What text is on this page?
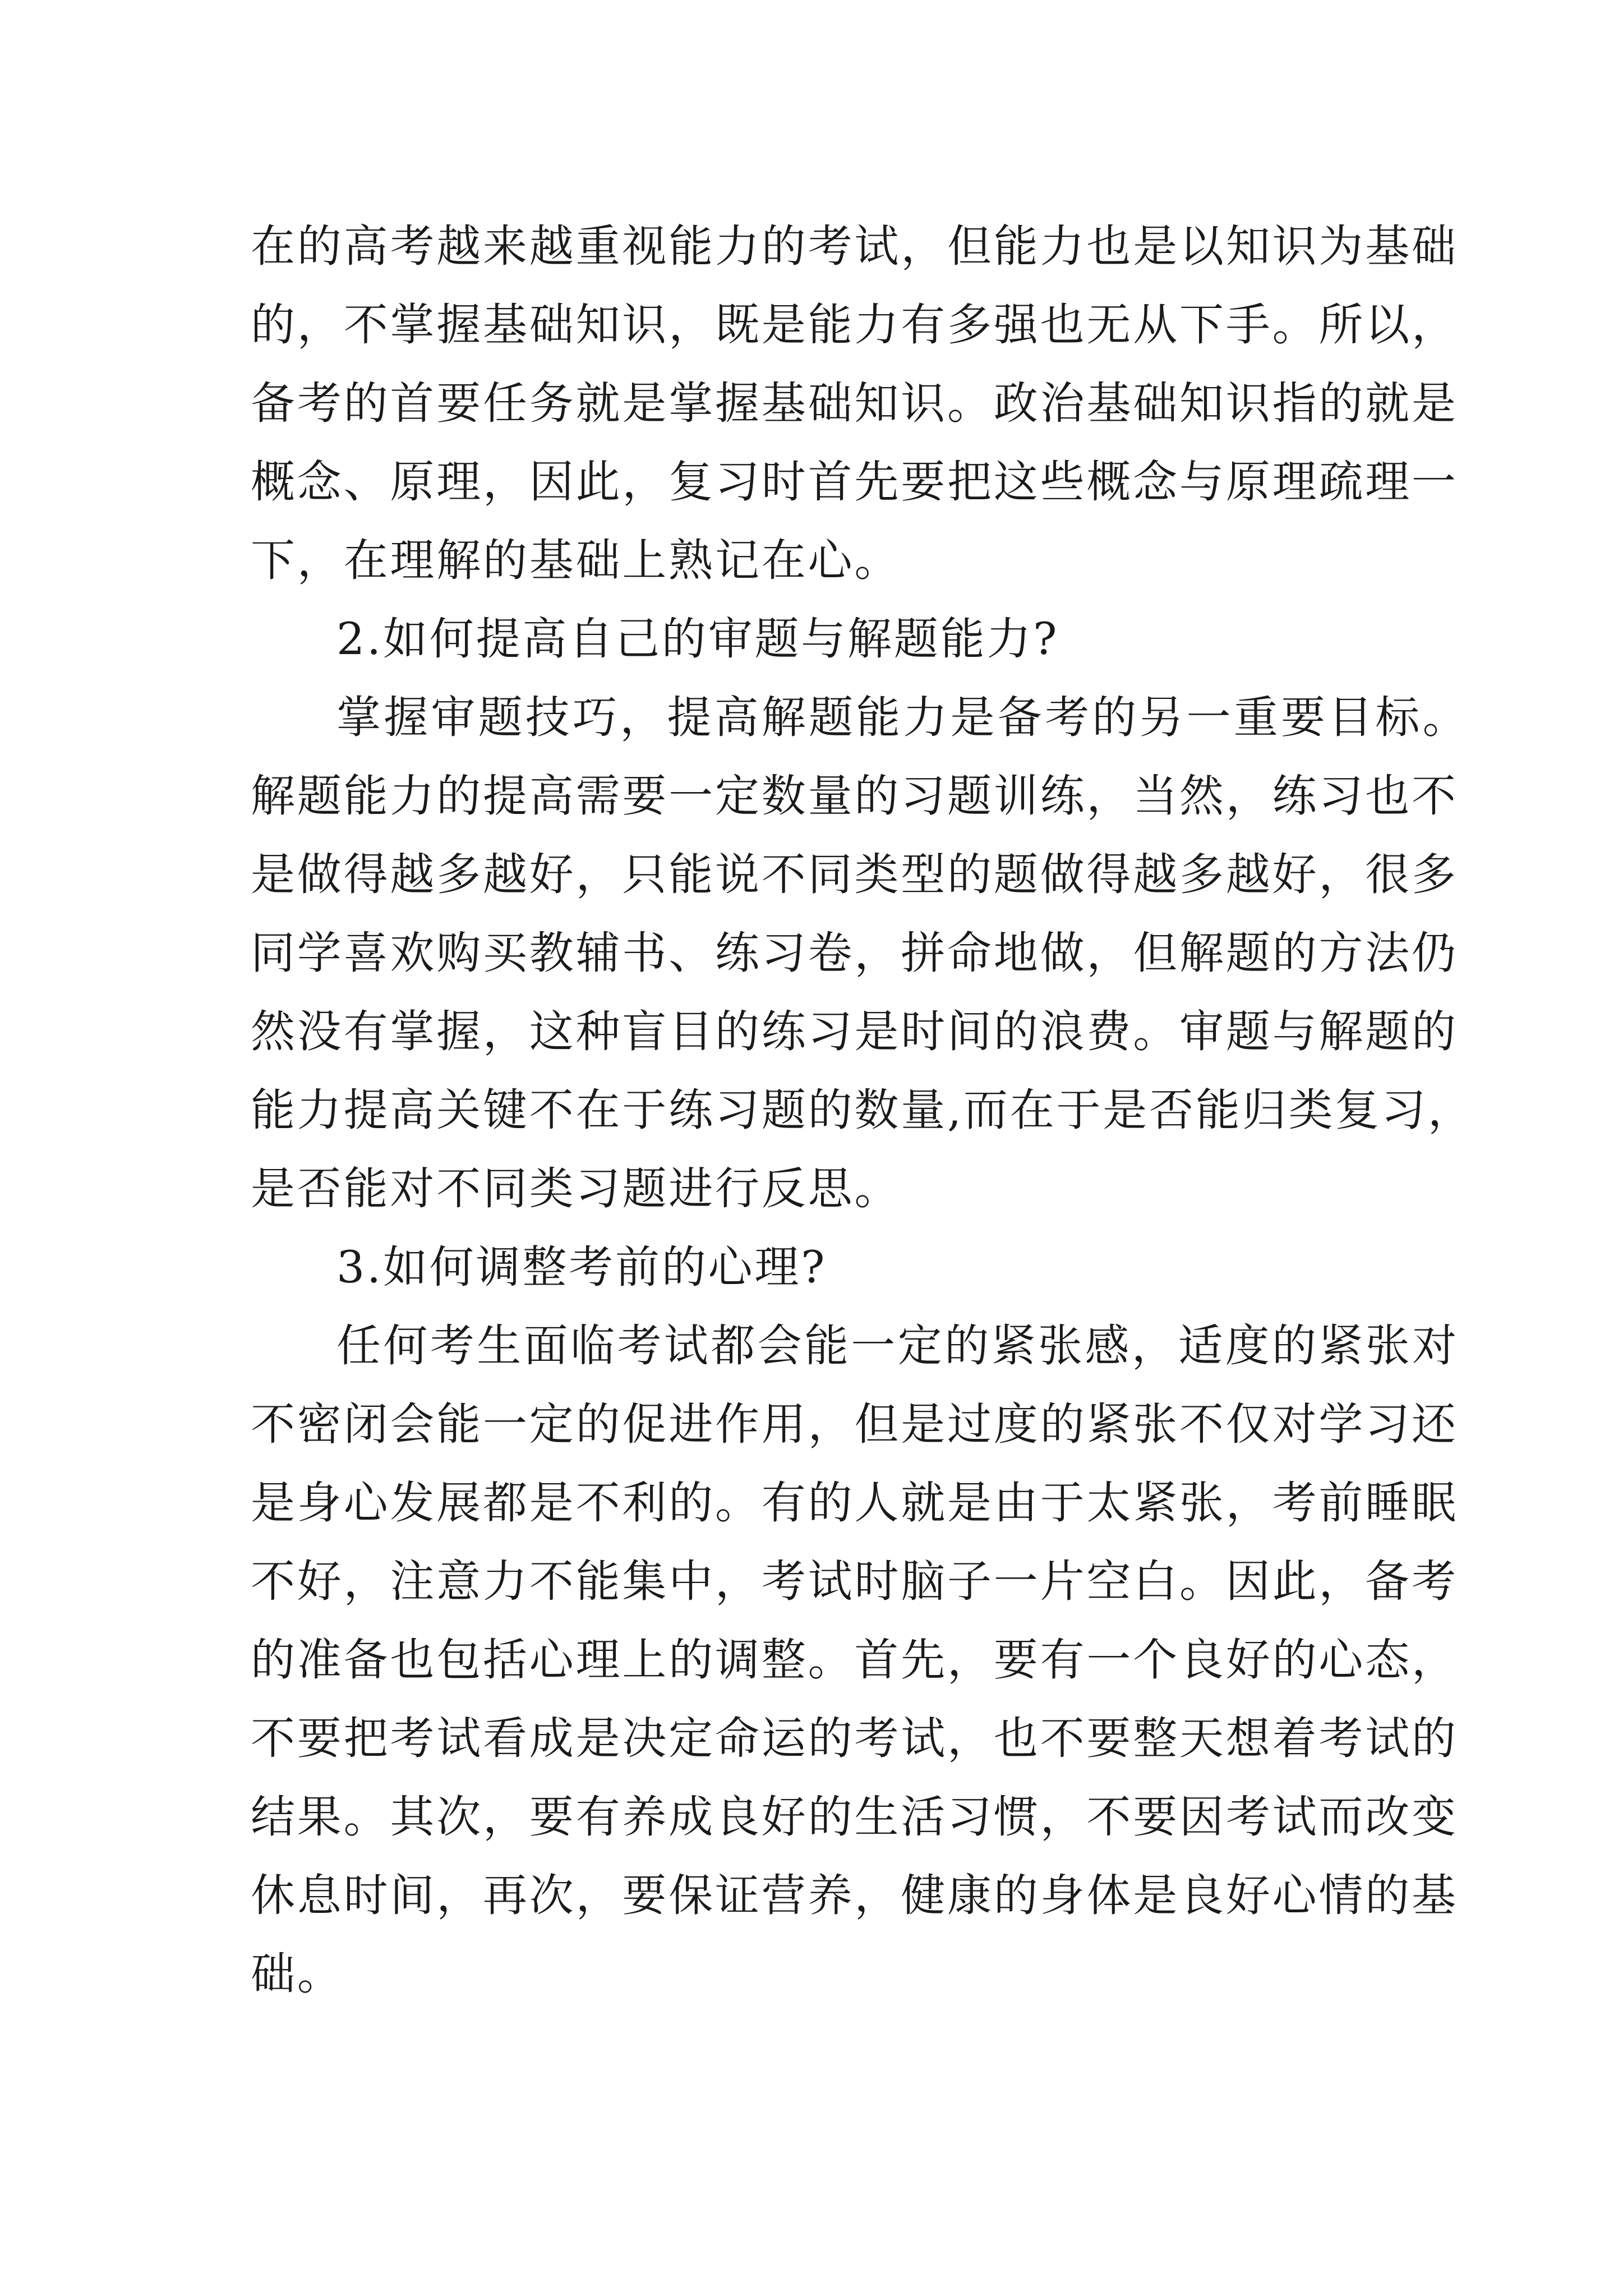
在的高考越来越重视能力的考试，但能力也是以知识为基础
的，不掌握基础知识，既是能力有多强也无从下手。所以，
备考的首要任务就是掌握基础知识。政治基础知识指的就是
概念、原理，因此，复习时首先要把这些概念与原理疏理一
下，在理解的基础上熟记在心。
2.如何提高自己的审题与解题能力?
掌握审题技巧，提高解题能力是备考的另一重要目标。
解题能力的提高需要一定数量的习题训练，当然，练习也不
是做得越多越好，只能说不同类型的题做得越多越好，很多
同学喜欢购买教辅书、练习卷，拼命地做，但解题的方法仍
然没有掌握，这种盲目的练习是时间的浪费。审题与解题的
能力提高关键不在于练习题的数量,而在于是否能归类复习，
是否能对不同类习题进行反思。
3.如何调整考前的心理?
任何考生面临考试都会能一定的紧张感，适度的紧张对
不密闭会能一定的促进作用，但是过度的紧张不仅对学习还
是身心发展都是不利的。有的人就是由于太紧张，考前睡眠
不好，注意力不能集中，考试时脑子一片空白。因此，备考
的准备也包括心理上的调整。首先，要有一个良好的心态，
不要把考试看成是决定命运的考试，也不要整天想着考试的
结果。其次，要有养成良好的生活习惯，不要因考试而改变
休息时间，再次，要保证营养，健康的身体是良好心情的基
础。
